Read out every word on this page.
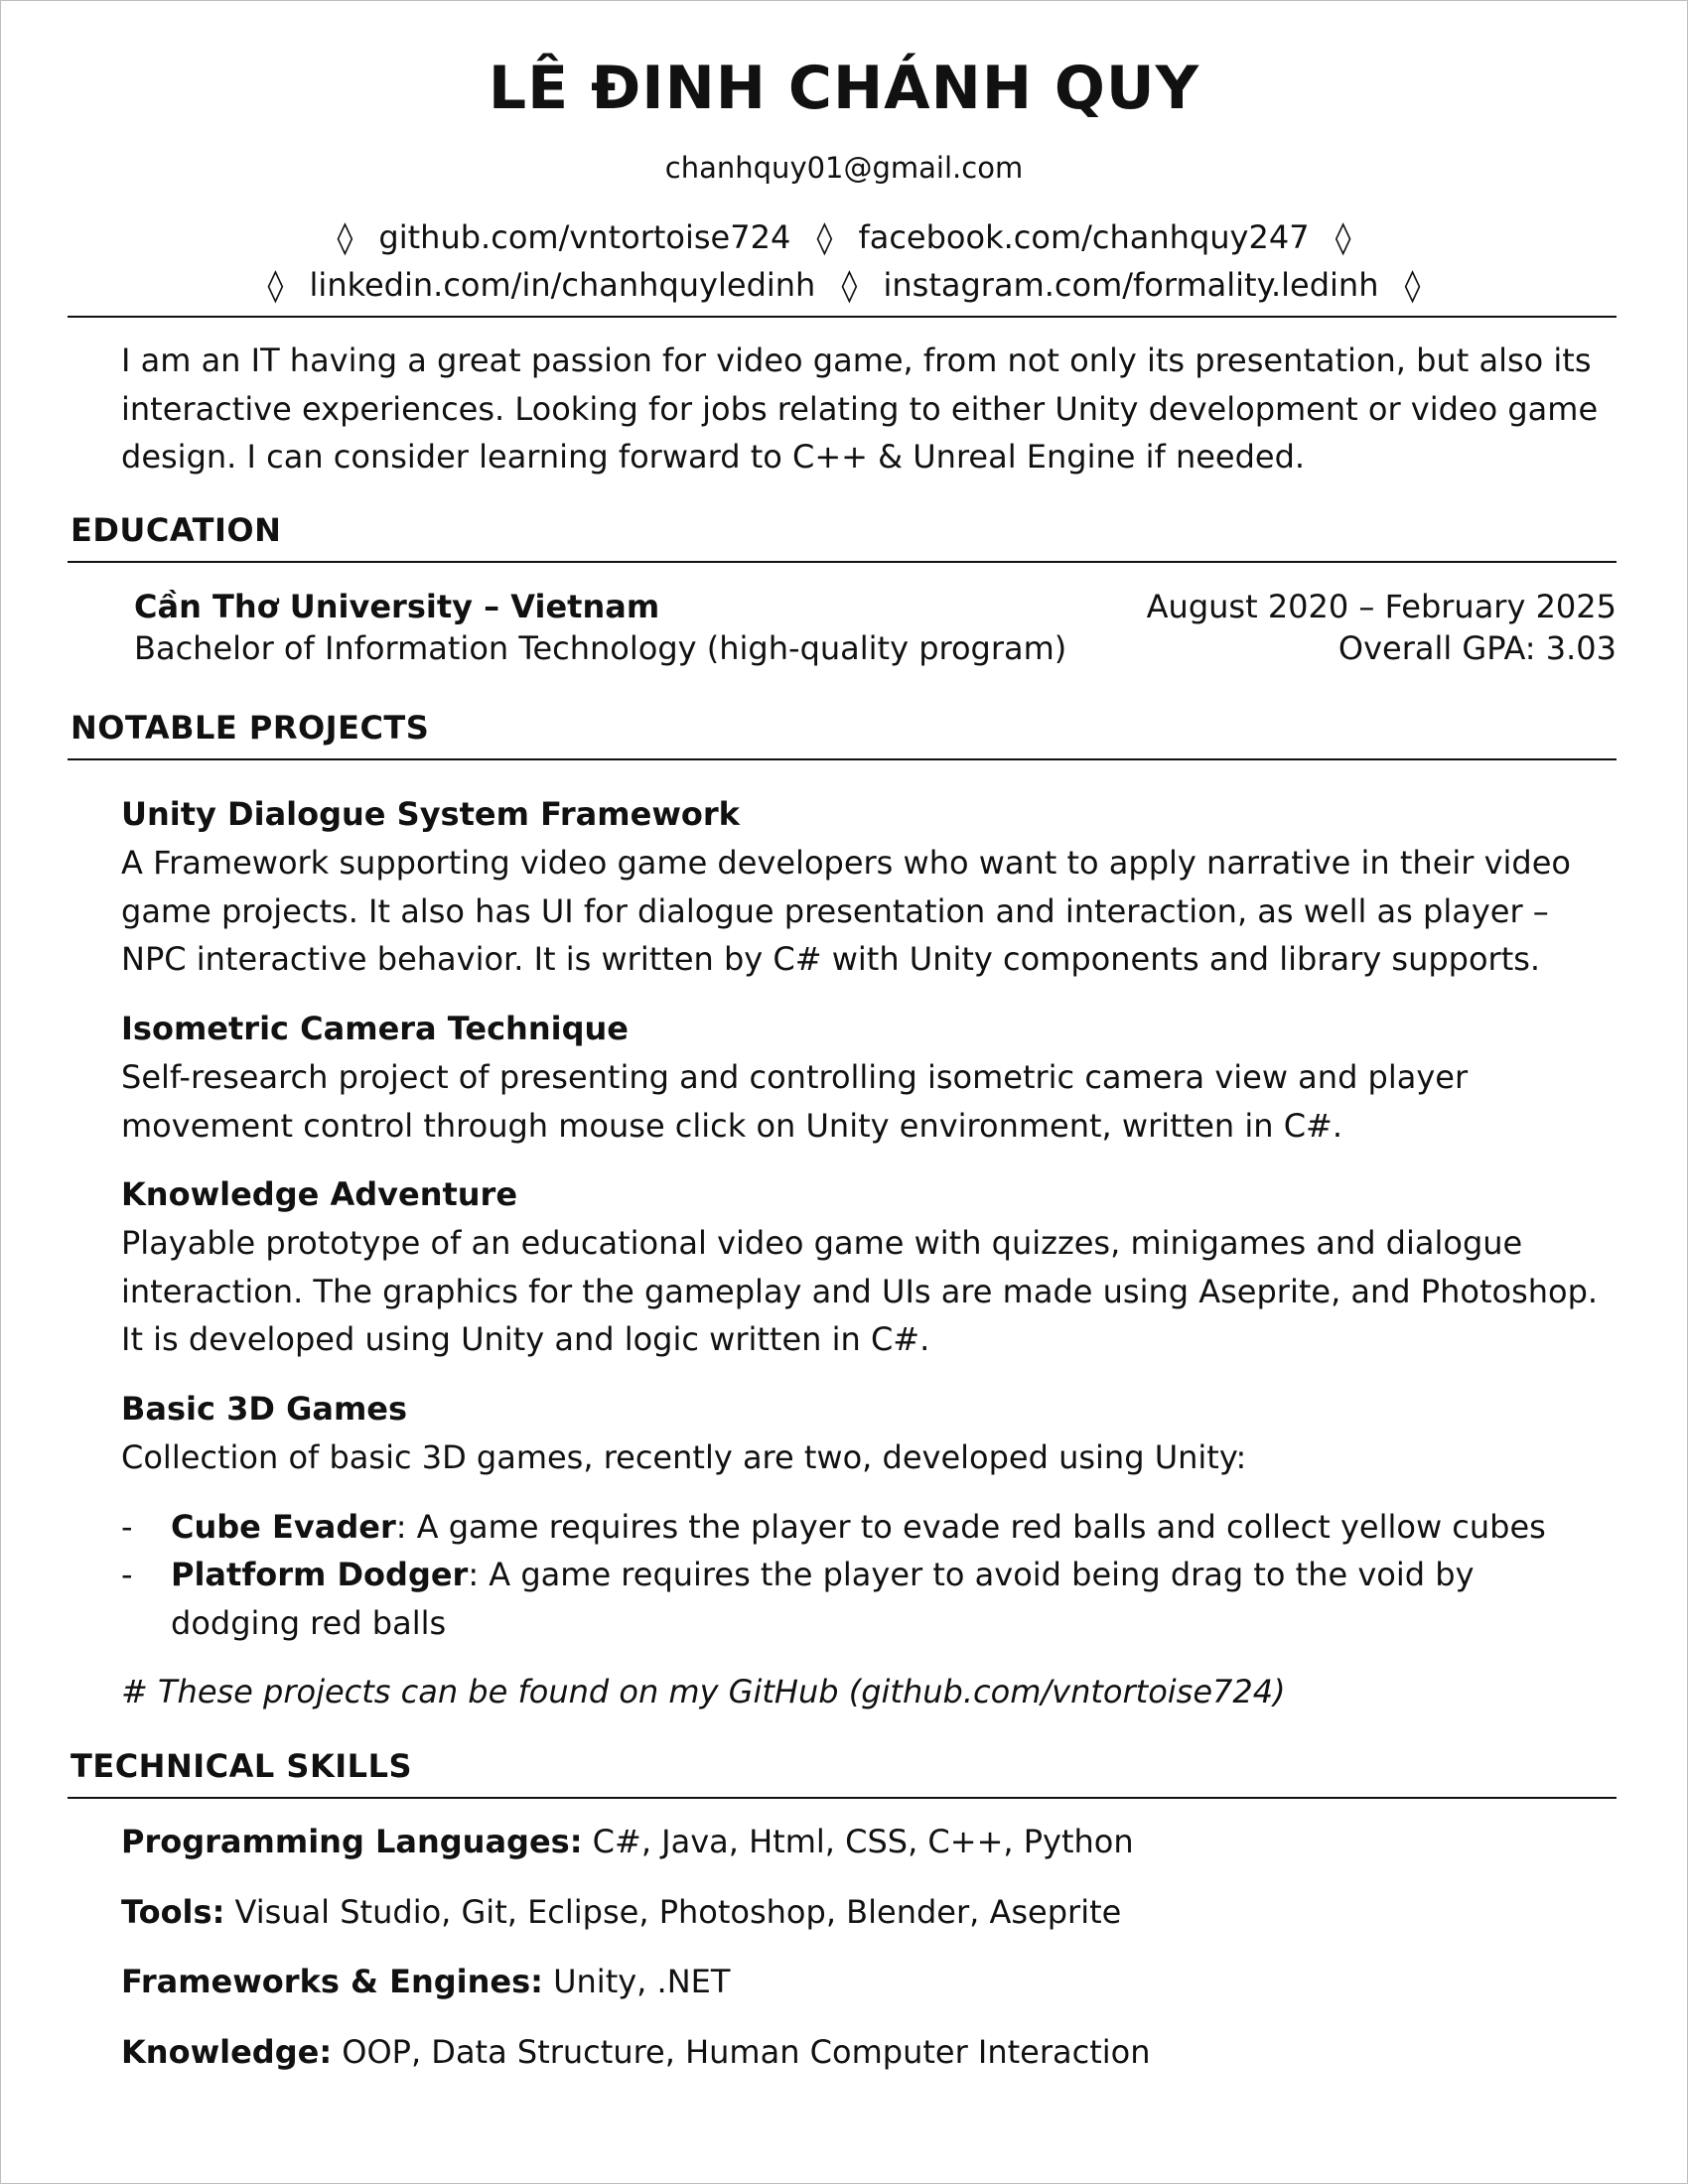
LÊ ĐINH CHÁNH QUY
chanhquy01@gmail.com
◊ github.com/vntortoise724 ◊ facebook.com/chanhquy247 ◊
◊ linkedin.com/in/chanhquyledinh ◊ instagram.com/formality.ledinh ◊
I am an IT having a great passion for video game, from not only its presentation, but also its interactive experiences. Looking for jobs relating to either Unity development or video game design. I can consider learning forward to C++ & Unreal Engine if needed.
EDUCATION
Cần Thơ University – Vietnam	August 2020 – February 2025
Bachelor of Information Technology (high-quality program)	Overall GPA: 3.03
NOTABLE PROJECTS
Unity Dialogue System Framework
A Framework supporting video game developers who want to apply narrative in their video game projects. It also has UI for dialogue presentation and interaction, as well as player – NPC interactive behavior. It is written by C# with Unity components and library supports.
Isometric Camera Technique
Self-research project of presenting and controlling isometric camera view and player movement control through mouse click on Unity environment, written in C#.
Knowledge Adventure
Playable prototype of an educational video game with quizzes, minigames and dialogue interaction. The graphics for the gameplay and UIs are made using Aseprite, and Photoshop. It is developed using Unity and logic written in C#.
Basic 3D Games
Collection of basic 3D games, recently are two, developed using Unity:
- Cube Evader: A game requires the player to evade red balls and collect yellow cubes
- Platform Dodger: A game requires the player to avoid being drag to the void by dodging red balls
# These projects can be found on my GitHub (github.com/vntortoise724)
TECHNICAL SKILLS
Programming Languages: C#, Java, Html, CSS, C++, Python
Tools: Visual Studio, Git, Eclipse, Photoshop, Blender, Aseprite
Frameworks & Engines: Unity, .NET
Knowledge: OOP, Data Structure, Human Computer Interaction
